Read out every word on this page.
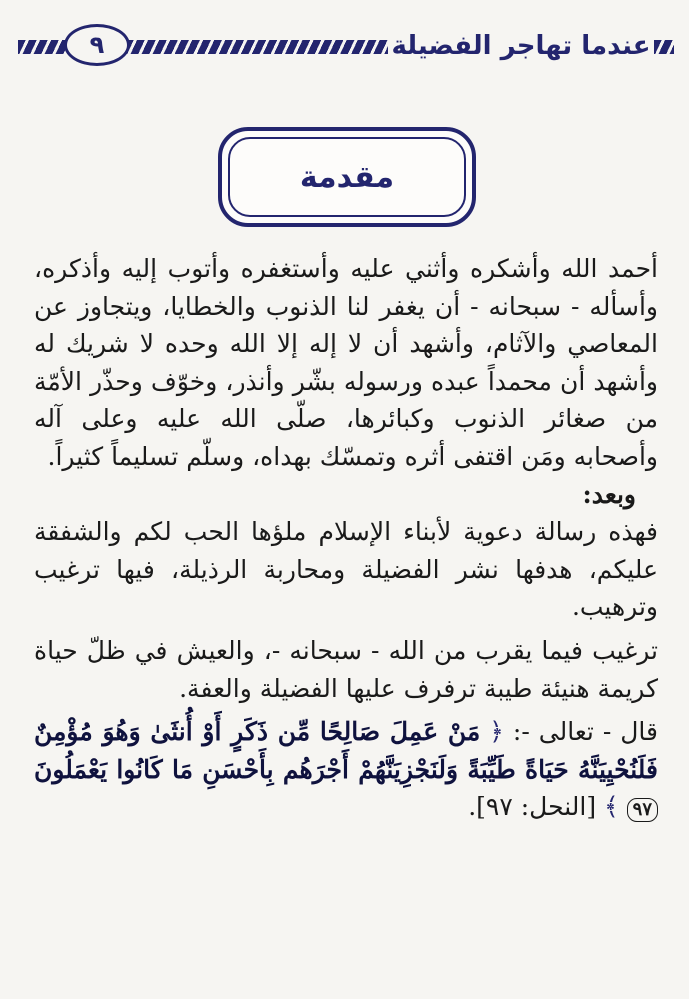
٩	عندما تهاجر الفضيلة
مقدمة

أحمد الله وأشكره وأثني عليه وأستغفره وأتوب إليه وأذكره، وأسأله - سبحانه - أن يغفر لنا الذنوب والخطايا، ويتجاوز عن المعاصي والآثام، وأشهد أن لا إله إلا الله وحده لا شريك له وأشهد أن محمداً عبده ورسوله بشّر وأنذر، وخوّف وحذّر الأمّة من صغائر الذنوب وكبائرها، صلّى الله عليه وعلى آله وأصحابه ومَن اقتفى أثره وتمسّك بهداه، وسلّم تسليماً كثيراً.

وبعد:

فهذه رسالة دعوية لأبناء الإسلام ملؤها الحب لكم والشفقة عليكم، هدفها نشر الفضيلة ومحاربة الرذيلة، فيها ترغيب وترهيب.

ترغيب فيما يقرب من الله - سبحانه -، والعيش في ظلّ حياة كريمة هنيئة طيبة ترفرف عليها الفضيلة والعفة.

قال - تعالى -: ﴿ مَنْ عَمِلَ صَالِحًا مِّن ذَكَرٍ أَوْ أُنثَىٰ وَهُوَ مُؤْمِنٌ فَلَنُحْيِيَنَّهُ حَيَاةً طَيِّبَةً وَلَنَجْزِيَنَّهُمْ أَجْرَهُم بِأَحْسَنِ مَا كَانُوا يَعْمَلُونَ ٩٧ ﴾ [النحل: ٩٧].
